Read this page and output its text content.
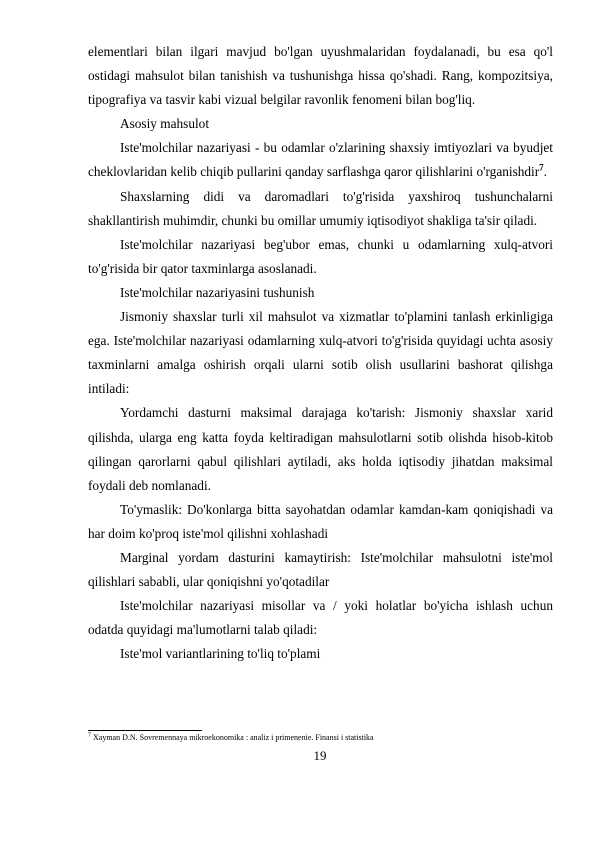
elementlari bilan ilgari mavjud bo'lgan uyushmalaridan foydalanadi, bu esa qo'l ostidagi mahsulot bilan tanishish va tushunishga hissa qo'shadi. Rang, kompozitsiya, tipografiya va tasvir kabi vizual belgilar ravonlik fenomeni bilan bog'liq.

Asosiy mahsulot

Iste'molchilar nazariyasi - bu odamlar o'zlarining shaxsiy imtiyozlari va byudjet cheklovlaridan kelib chiqib pullarini qanday sarflashga qaror qilishlarini o'rganishdir$^7$.

Shaxslarning didi va daromadlari to'g'risida yaxshiroq tushunchalarni shakllantirish muhimdir, chunki bu omillar umumiy iqtisodiyot shakliga ta'sir qiladi.

Iste'molchilar nazariyasi beg'ubor emas, chunki u odamlarning xulq-atvori to'g'risida bir qator taxminlarga asoslanadi.

Iste'molchilar nazariyasini tushunish

Jismoniy shaxslar turli xil mahsulot va xizmatlar to'plamini tanlash erkinligiga ega. Iste'molchilar nazariyasi odamlarning xulq-atvori to'g'risida quyidagi uchta asosiy taxminlarni amalga oshirish orqali ularni sotib olish usullarini bashorat qilishga intiladi:

Yordamchi dasturni maksimal darajaga ko'tarish: Jismoniy shaxslar xarid qilishda, ularga eng katta foyda keltiradigan mahsulotlarni sotib olishda hisob-kitob qilingan qarorlarni qabul qilishlari aytiladi, aks holda iqtisodiy jihatdan maksimal foydali deb nomlanadi.

To'ymaslik: Do'konlarga bitta sayohatdan odamlar kamdan-kam qoniqishadi va har doim ko'proq iste'mol qilishni xohlashadi

Marginal yordam dasturini kamaytirish: Iste'molchilar mahsulotni iste'mol qilishlari sababli, ular qoniqishni yo'qotadilar

Iste'molchilar nazariyasi misollar va / yoki holatlar bo'yicha ishlash uchun odatda quyidagi ma'lumotlarni talab qiladi:

Iste'mol variantlarining to'liq to'plami

$^7$ Xayman D.N. Sovremennaya mikroekonomika : analiz i primenenie. Finansi i statistika
19
